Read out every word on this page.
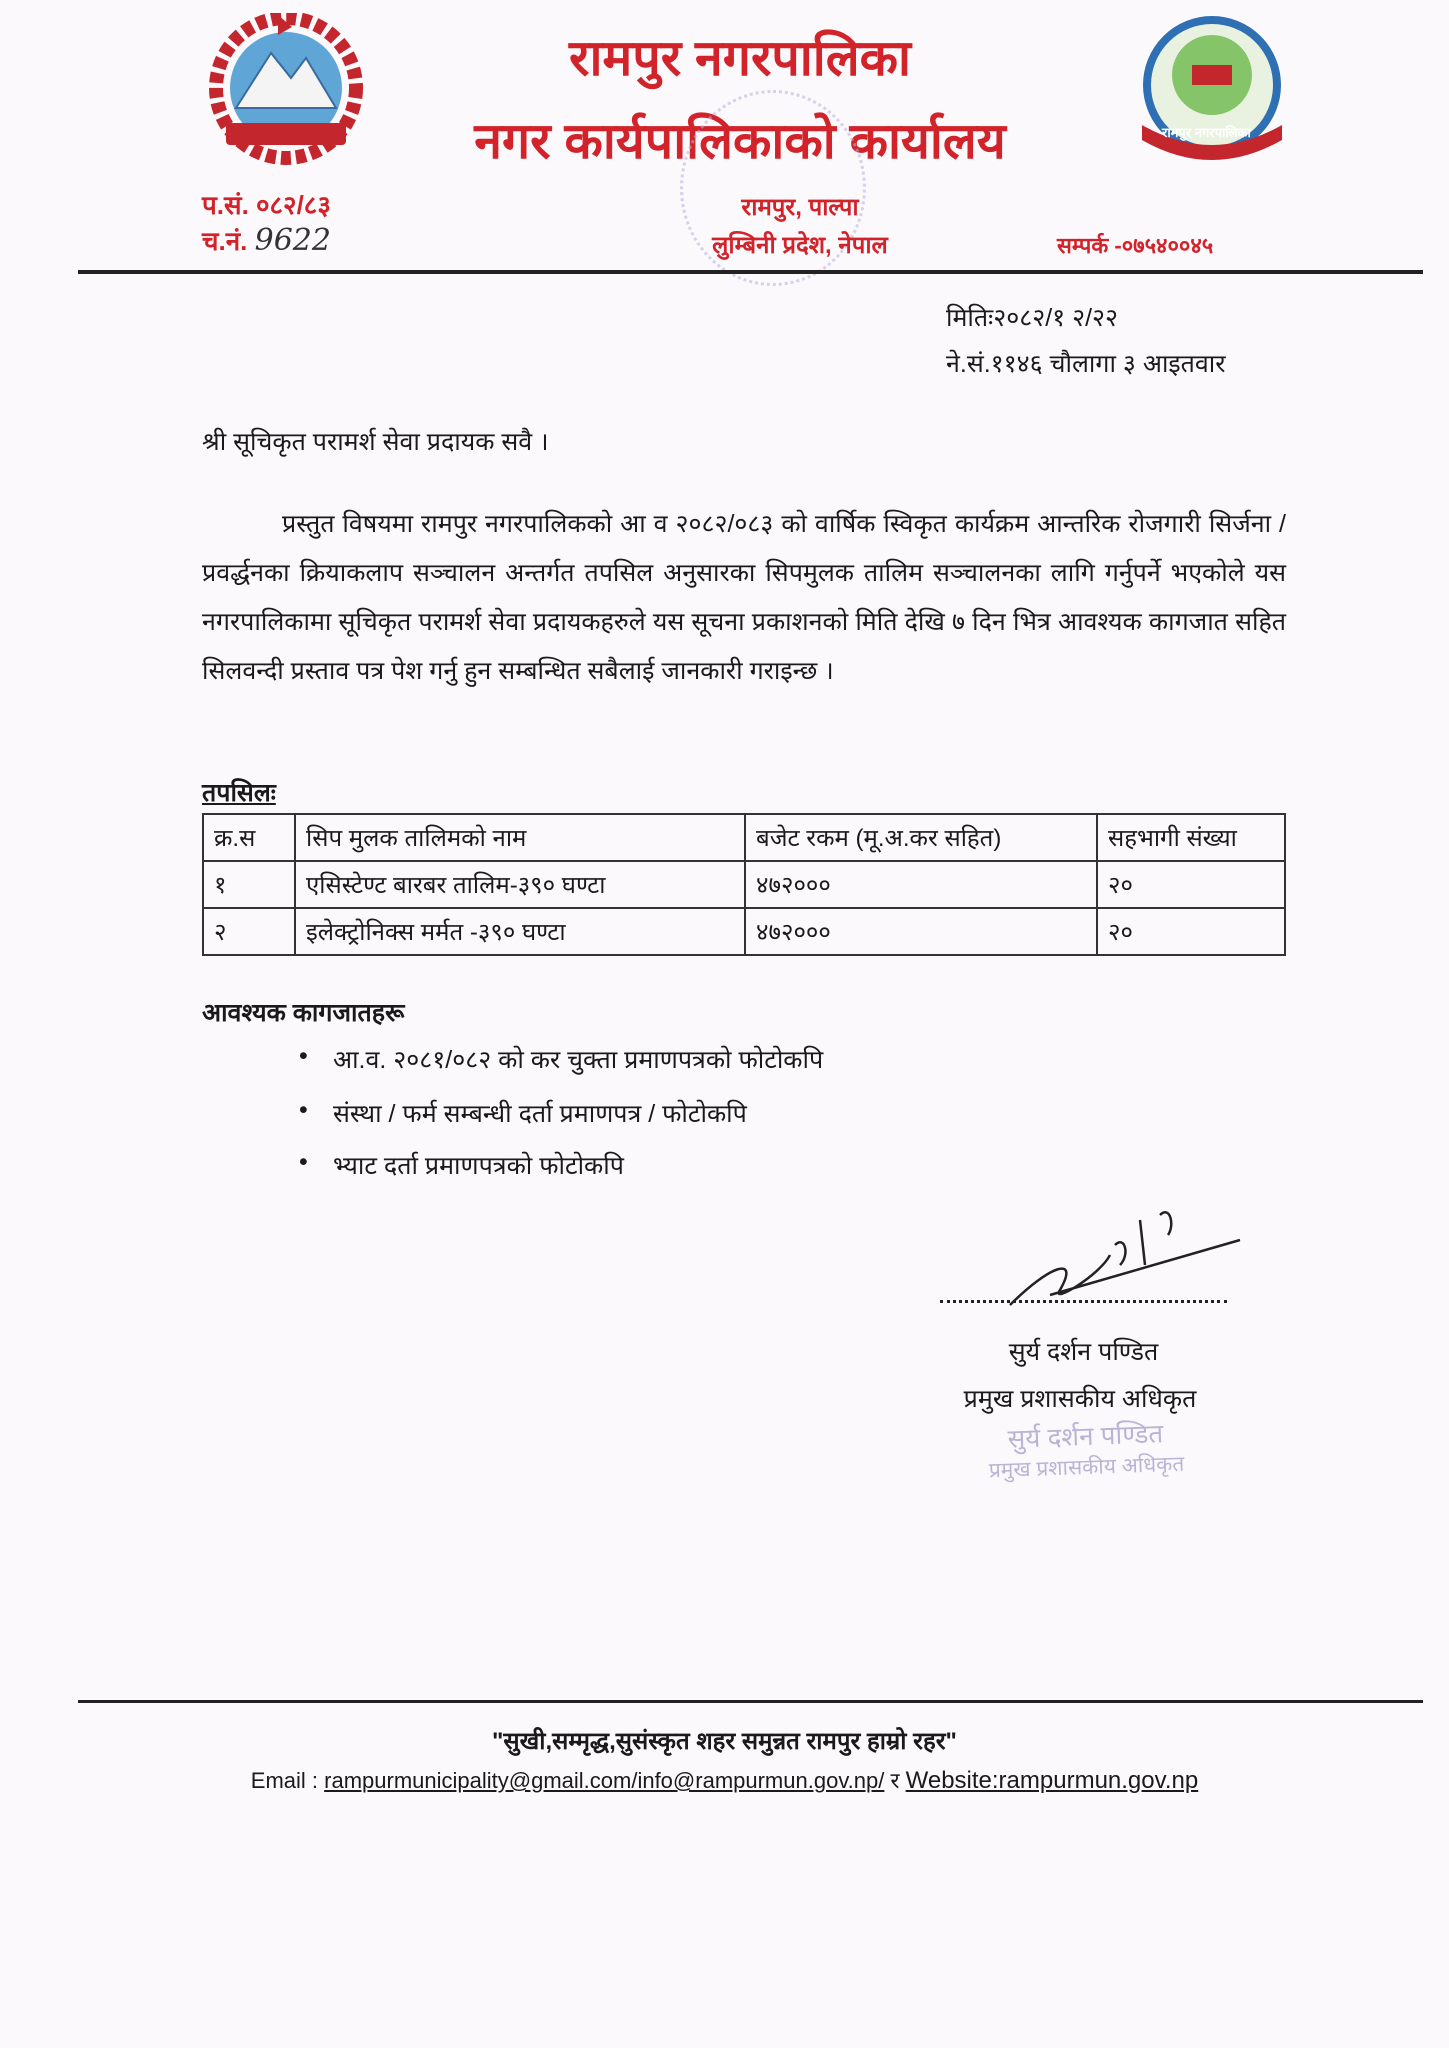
रामपुर नगरपालिका
नगर कार्यपालिकाको कार्यालय	रामपुर नगरपालिका
प.सं. ०८२/८३
च.नं. 9622
रामपुर, पाल्पा
लुम्बिनी प्रदेश, नेपाल	सम्पर्क -०७५४००४५
मितिः२०८२/१ २/२२
ने.सं.११४६ चौलागा ३ आइतवार
श्री सूचिकृत परामर्श सेवा प्रदायक सवै ।
प्रस्तुत विषयमा रामपुर नगरपालिकको आ व २०८२/०८३ को वार्षिक स्विकृत कार्यक्रम आन्तरिक रोजगारी सिर्जना / प्रवर्द्धनका क्रियाकलाप सञ्चालन अन्तर्गत तपसिल अनुसारका सिपमुलक तालिम सञ्चालनका लागि गर्नुपर्ने भएकोले यस नगरपालिकामा सूचिकृत परामर्श सेवा प्रदायकहरुले यस सूचना प्रकाशनको मिति देखि ७ दिन भित्र आवश्यक कागजात सहित सिलवन्दी प्रस्ताव पत्र पेश गर्नु हुन सम्बन्धित सबैलाई जानकारी गराइन्छ ।
तपसिलः
क्र.स	सिप मुलक तालिमको नाम	बजेट रकम (मू.अ.कर सहित)	सहभागी संख्या
१	एसिस्टेण्ट बारबर तालिम-३९० घण्टा	४७२०००	२०
२	इलेक्ट्रोनिक्स मर्मत -३९० घण्टा	४७२०००	२०
आवश्यक कागजातहरू
• आ.व. २०८१/०८२ को कर चुक्ता प्रमाणपत्रको फोटोकपि
• संस्था / फर्म सम्बन्धी दर्ता प्रमाणपत्र / फोटोकपि
• भ्याट दर्ता प्रमाणपत्रको फोटोकपि
सुर्य दर्शन पण्डित
प्रमुख प्रशासकीय अधिकृत
सुर्य दर्शन पण्डित
प्रमुख प्रशासकीय अधिकृत
"सुखी,सम्मृद्ध,सुसंस्कृत शहर समुन्नत रामपुर हाम्रो रहर"
Email : rampurmunicipality@gmail.com/info@rampurmun.gov.np/ र Website:rampurmun.gov.np
